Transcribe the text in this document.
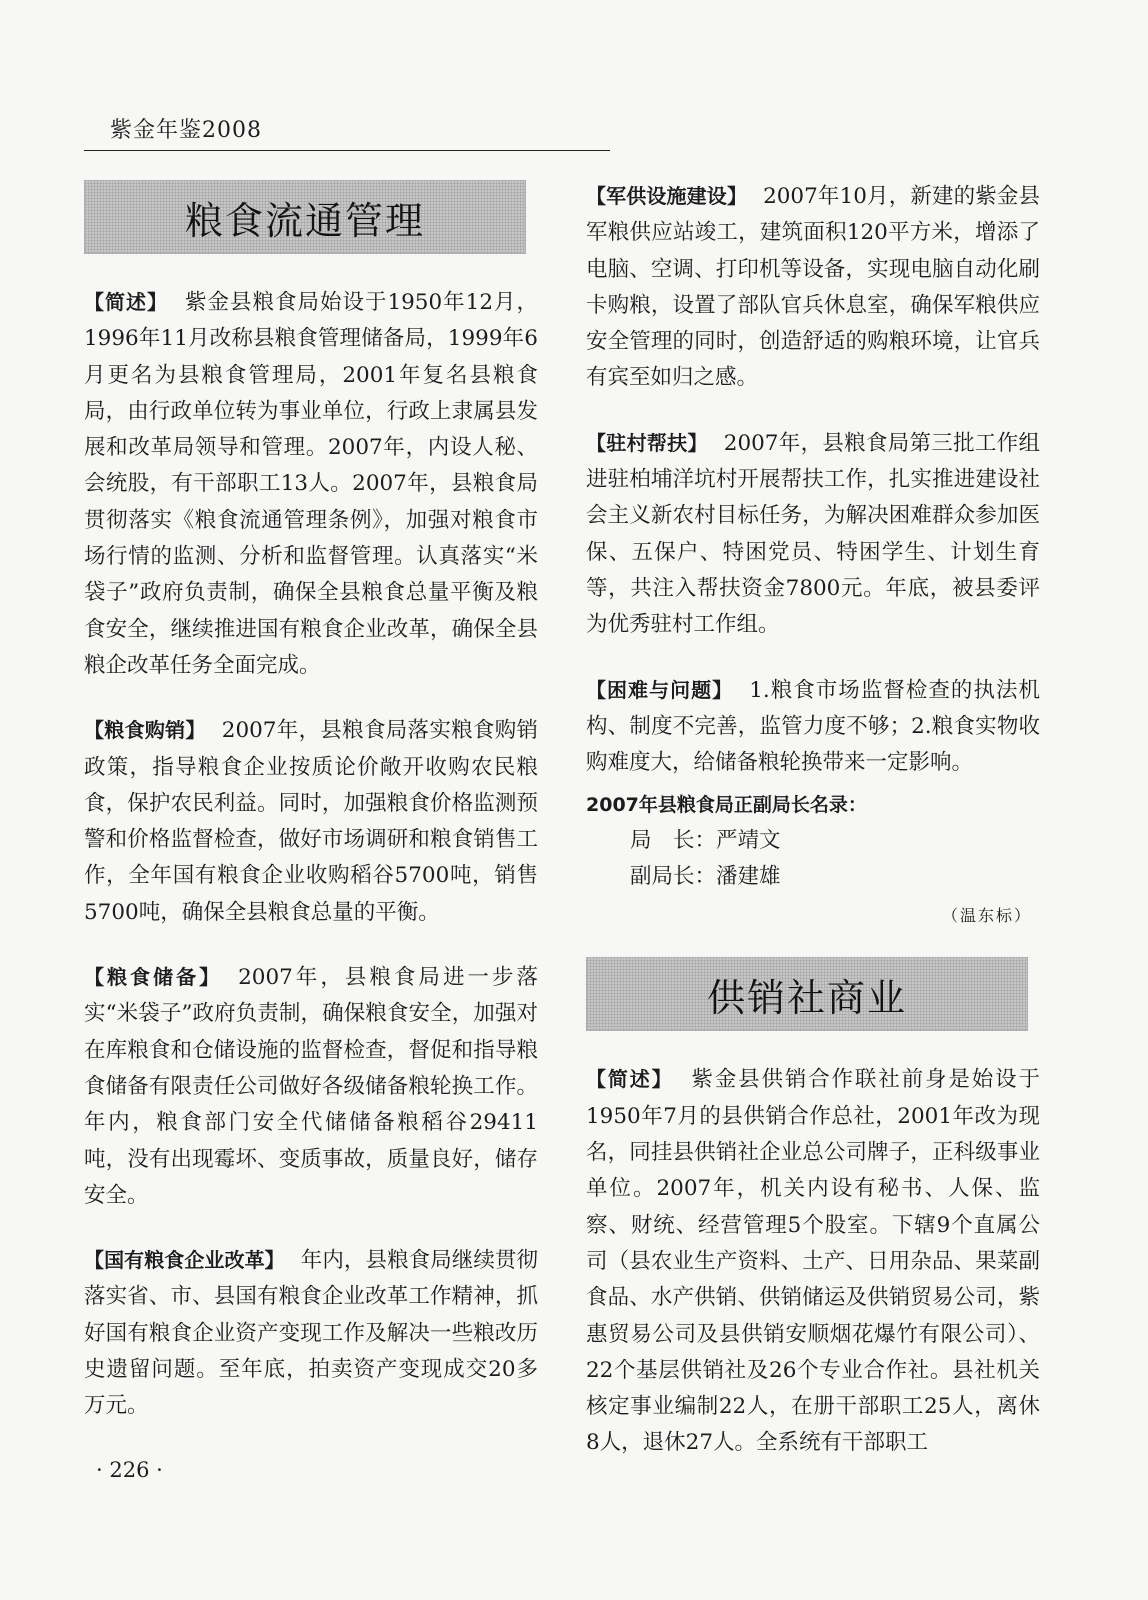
紫金年鉴2008
粮食流通管理

【简述】 紫金县粮食局始设于1950年12月，1996年11月改称县粮食管理储备局，1999年6月更名为县粮食管理局，2001年复名县粮食局，由行政单位转为事业单位，行政上隶属县发展和改革局领导和管理。2007年，内设人秘、会统股，有干部职工13人。2007年，县粮食局贯彻落实《粮食流通管理条例》，加强对粮食市场行情的监测、分析和监督管理。认真落实“米袋子”政府负责制，确保全县粮食总量平衡及粮食安全，继续推进国有粮食企业改革，确保全县粮企改革任务全面完成。

【粮食购销】 2007年，县粮食局落实粮食购销政策，指导粮食企业按质论价敞开收购农民粮食，保护农民利益。同时，加强粮食价格监测预警和价格监督检查，做好市场调研和粮食销售工作，全年国有粮食企业收购稻谷5700吨，销售5700吨，确保全县粮食总量的平衡。

【粮食储备】 2007年，县粮食局进一步落实“米袋子”政府负责制，确保粮食安全，加强对在库粮食和仓储设施的监督检查，督促和指导粮食储备有限责任公司做好各级储备粮轮换工作。年内，粮食部门安全代储储备粮稻谷29411吨，没有出现霉坏、变质事故，质量良好，储存安全。

【国有粮食企业改革】 年内，县粮食局继续贯彻落实省、市、县国有粮食企业改革工作精神，抓好国有粮食企业资产变现工作及解决一些粮改历史遗留问题。至年底，拍卖资产变现成交20多万元。

【军供设施建设】 2007年10月，新建的紫金县军粮供应站竣工，建筑面积120平方米，增添了电脑、空调、打印机等设备，实现电脑自动化刷卡购粮，设置了部队官兵休息室，确保军粮供应安全管理的同时，创造舒适的购粮环境，让官兵有宾至如归之感。

【驻村帮扶】 2007年，县粮食局第三批工作组进驻柏埔洋坑村开展帮扶工作，扎实推进建设社会主义新农村目标任务，为解决困难群众参加医保、五保户、特困党员、特困学生、计划生育等，共注入帮扶资金7800元。年底，被县委评为优秀驻村工作组。

【困难与问题】 1.粮食市场监督检查的执法机构、制度不完善，监管力度不够；2.粮食实物收购难度大，给储备粮轮换带来一定影响。

2007年县粮食局正副局长名录：
局　长：严靖文
副局长：潘建雄
（温东标）
供销社商业

【简述】 紫金县供销合作联社前身是始设于1950年7月的县供销合作总社，2001年改为现名，同挂县供销社企业总公司牌子，正科级事业单位。2007年，机关内设有秘书、人保、监察、财统、经营管理5个股室。下辖9个直属公司（县农业生产资料、土产、日用杂品、果菜副食品、水产供销、供销储运及供销贸易公司，紫惠贸易公司及县供销安顺烟花爆竹有限公司）、22个基层供销社及26个专业合作社。县社机关核定事业编制22人，在册干部职工25人，离休8人，退休27人。全系统有干部职工

· 226 ·
